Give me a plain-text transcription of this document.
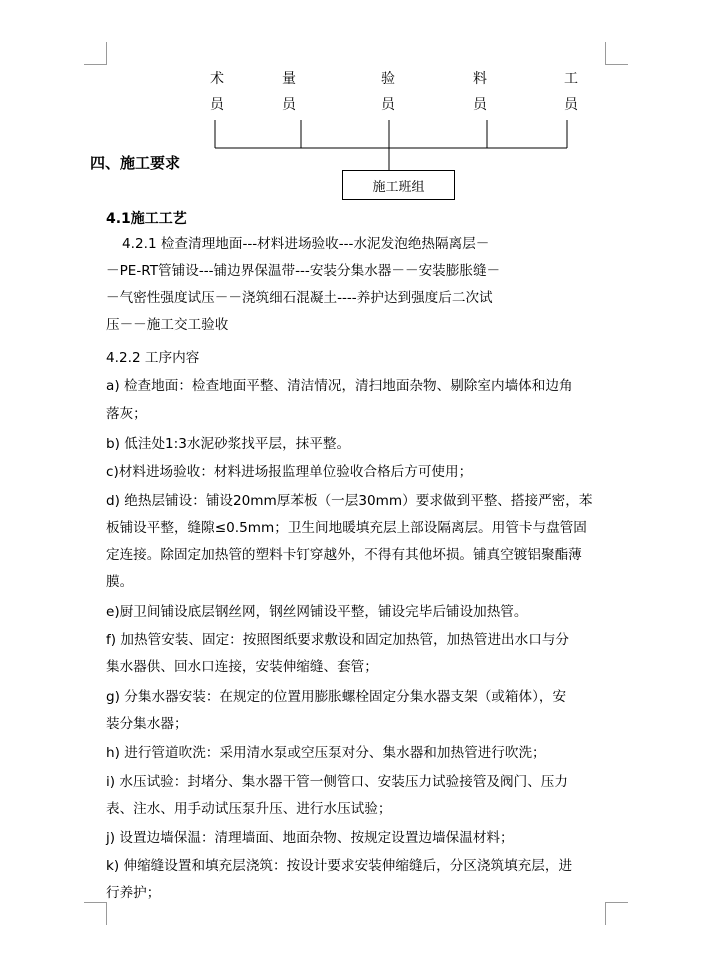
术
员
量
员
验
员
料
员
工
员
施工班组
四、施工要求
4.1施工工艺
4.2.1 检查清理地面---材料进场验收---水泥发泡绝热隔离层－
－PE-RT管铺设---铺边界保温带---安装分集水器－－安装膨胀缝－
－气密性强度试压－－浇筑细石混凝土----养护达到强度后二次试
压－－施工交工验收
4.2.2 工序内容
a) 检查地面：检查地面平整、清洁情况，清扫地面杂物、剔除室内墙体和边角
落灰；
b) 低洼处1:3水泥砂浆找平层，抹平整。
c)材料进场验收：材料进场报监理单位验收合格后方可使用；
d) 绝热层铺设：铺设20mm厚苯板（一层30mm）要求做到平整、搭接严密，苯
板铺设平整，缝隙≤0.5mm；卫生间地暖填充层上部设隔离层。用管卡与盘管固
定连接。除固定加热管的塑料卡钉穿越外，不得有其他坏损。铺真空镀铝聚酯薄
膜。
e)厨卫间铺设底层钢丝网，钢丝网铺设平整，铺设完毕后铺设加热管。
f) 加热管安装、固定：按照图纸要求敷设和固定加热管，加热管进出水口与分
集水器供、回水口连接，安装伸缩缝、套管；
g) 分集水器安装：在规定的位置用膨胀螺栓固定分集水器支架（或箱体），安
装分集水器；
h) 进行管道吹洗：采用清水泵或空压泵对分、集水器和加热管进行吹洗；
i) 水压试验：封堵分、集水器干管一侧管口、安装压力试验接管及阀门、压力
表、注水、用手动试压泵升压、进行水压试验；
j) 设置边墙保温：清理墙面、地面杂物、按规定设置边墙保温材料；
k) 伸缩缝设置和填充层浇筑：按设计要求安装伸缩缝后，分区浇筑填充层，进
行养护；
